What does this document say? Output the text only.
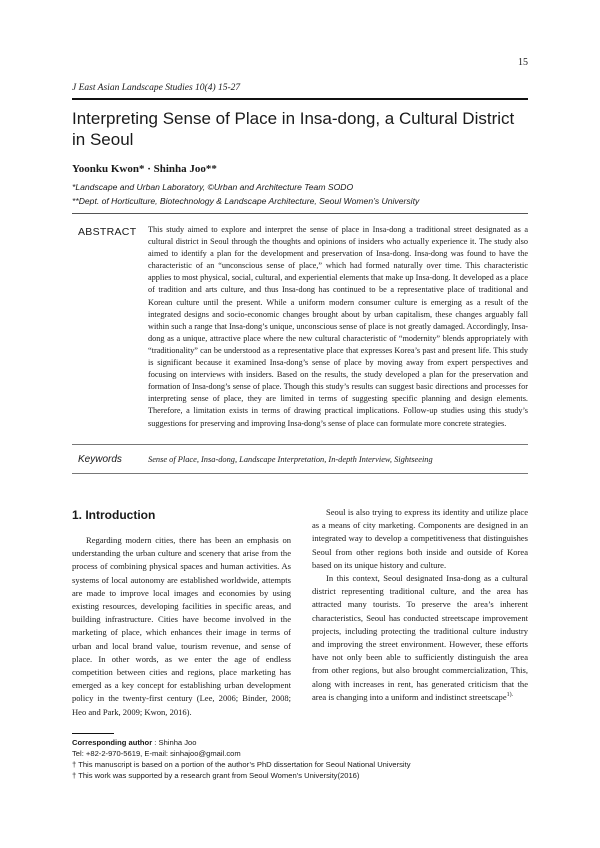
15
J East Asian Landscape Studies 10(4) 15-27
Interpreting Sense of Place in Insa-dong, a Cultural District in Seoul
Yoonku Kwon* · Shinha Joo**
*Landscape and Urban Laboratory, ©Urban and Architecture Team SODO
**Dept. of Horticulture, Biotechnology & Landscape Architecture, Seoul Women’s University
ABSTRACT This study aimed to explore and interpret the sense of place in Insa-dong a traditional street designated as a cultural district in Seoul through the thoughts and opinions of insiders who actually experience it. The study also aimed to identify a plan for the development and preservation of Insa-dong. Insa-dong was found to have the characteristic of an “unconscious sense of place,” which had formed naturally over time. This characteristic applies to most physical, social, cultural, and experiential elements that make up Insa-dong. It developed as a place of tradition and arts culture, and thus Insa-dong has continued to be a representative place of traditional and Korean culture until the present. While a uniform modern consumer culture is emerging as a result of the integrated designs and socio-economic changes brought about by urban capitalism, these changes arguably fall within such a range that Insa-dong’s unique, unconscious sense of place is not greatly damaged. Accordingly, Insa-dong as a unique, attractive place where the new cultural characteristic of “modernity” blends appropriately with “traditionality” can be understood as a representative place that expresses Korea’s past and present life. This study is significant because it examined Insa-dong’s sense of place by moving away from expert perspectives and focusing on interviews with insiders. Based on the results, the study developed a plan for the preservation and formation of Insa-dong’s sense of place. Though this study’s results can suggest basic directions and processes for interpreting sense of place, they are limited in terms of suggesting specific planning and design elements. Therefore, a limitation exists in terms of drawing practical implications. Follow-up studies using this study’s suggestions for preserving and improving Insa-dong’s sense of place can formulate more concrete strategies.

Keywords	Sense of Place, Insa-dong, Landscape Interpretation, In-depth Interview, Sightseeing
1. Introduction

Regarding modern cities, there has been an emphasis on understanding the urban culture and scenery that arise from the process of combining physical spaces and human activities. As systems of local autonomy are established worldwide, attempts are made to improve local images and economies by using existing resources, developing facilities in specific areas, and building infrastructure. Cities have become involved in the marketing of place, which enhances their image in terms of urban and local brand value, tourism revenue, and sense of place. In other words, as we enter the age of endless competition between cities and regions, place marketing has emerged as a key concept for establishing urban development policy in the twenty-first century (Lee, 2006; Binder, 2008; Heo and Park, 2009; Kwon, 2016).

Seoul is also trying to express its identity and utilize place as a means of city marketing. Components are designed in an integrated way to develop a competitiveness that distinguishes Seoul from other regions both inside and outside of Korea based on its unique history and culture.

In this context, Seoul designated Insa-dong as a cultural district representing traditional culture, and the area has attracted many tourists. To preserve the area’s inherent characteristics, Seoul has conducted streetscape improvement projects, including protecting the traditional culture industry and improving the street environment. However, these efforts have not only been able to sufficiently distinguish the area from other regions, but also brought commercialization, This, along with increases in rent, has generated criticism that the area is changing into a uniform and indistinct streetscape$^{1).}$

Corresponding author : Shinha Joo
Tel: +82-2-970-5619, E-mail: sinhajoo@gmail.com
† This manuscript is based on a portion of the author’s PhD dissertation for Seoul National University
† This work was supported by a research grant from Seoul Women’s University(2016)
